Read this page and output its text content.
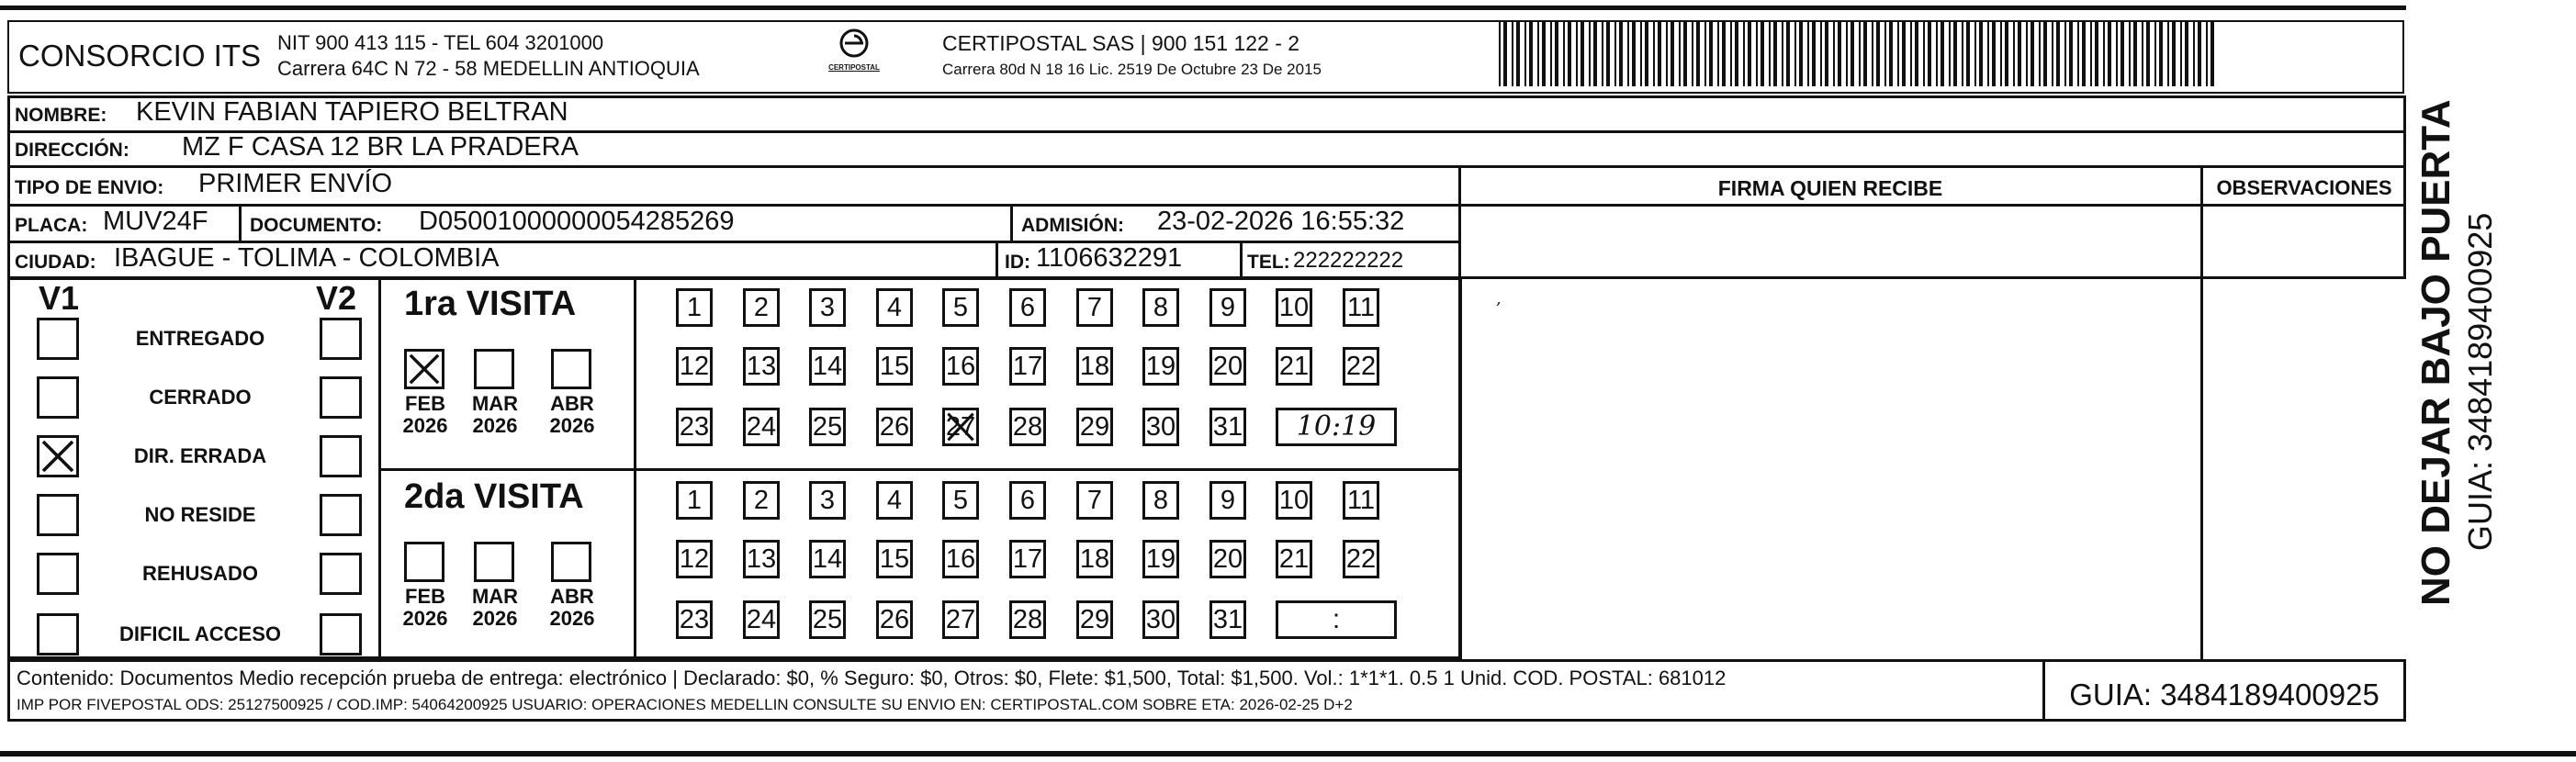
CONSORCIO ITS NIT 900 413 115 - TEL 604 3201000
Carrera 64C N 72 - 58 MEDELLIN ANTIOQUIA	CERTIPOSTAL
CERTIPOSTAL SAS | 900 151 122 - 2
Carrera 80d N 18 16 Lic. 2519 De Octubre 23 De 2015
NOMBRE: KEVIN FABIAN TAPIERO BELTRAN
DIRECCIÓN: MZ F CASA 12 BR LA PRADERA
TIPO DE ENVIO: PRIMER ENVÍO	FIRMA QUIEN RECIBE	OBSERVACIONES
PLACA: MUV24F DOCUMENTO: D05001000000054285269	ADMISIÓN: 23-02-2026 16:55:32
CIUDAD: IBAGUE - TOLIMA - COLOMBIA	ID: 1106632291	TEL: 222222222
V1	V2
ENTREGADO
CERRADO
DIR. ERRADA
NO RESIDE
REHUSADO
DIFICIL ACCESO
FEB
2026
MAR
2026
ABR
2026
1	2	3	4	5	6	7	8	9	10 11
12 13 14 15 16 17 18 19 20 21 22
23 24 25 26 27 28 29 30 31	10:19
FEB
2026
MAR
2026
ABR
2026
1	2	3	4	5	6	7	8	9	10 11
12 13 14 15 16 17 18 19 20 21 22
23 24 25 26 27 28 29 30 31	:
1ra VISITA
2da VISITA
ʼ
Contenido: Documentos Medio recepción prueba de entrega: electrónico | Declarado: $0, % Seguro: $0, Otros: $0, Flete: $1,500, Total: $1,500. Vol.: 1*1*1. 0.5 1 Unid. COD. POSTAL: 681012
IMP POR FIVEPOSTAL ODS: 25127500925 / COD.IMP: 54064200925 USUARIO: OPERACIONES MEDELLIN CONSULTE SU ENVIO EN: CERTIPOSTAL.COM SOBRE ETA: 2026-02-25 D+2	GUIA: 3484189400925
NO DEJAR BAJO PUERTA GUIA: 3484189400925
